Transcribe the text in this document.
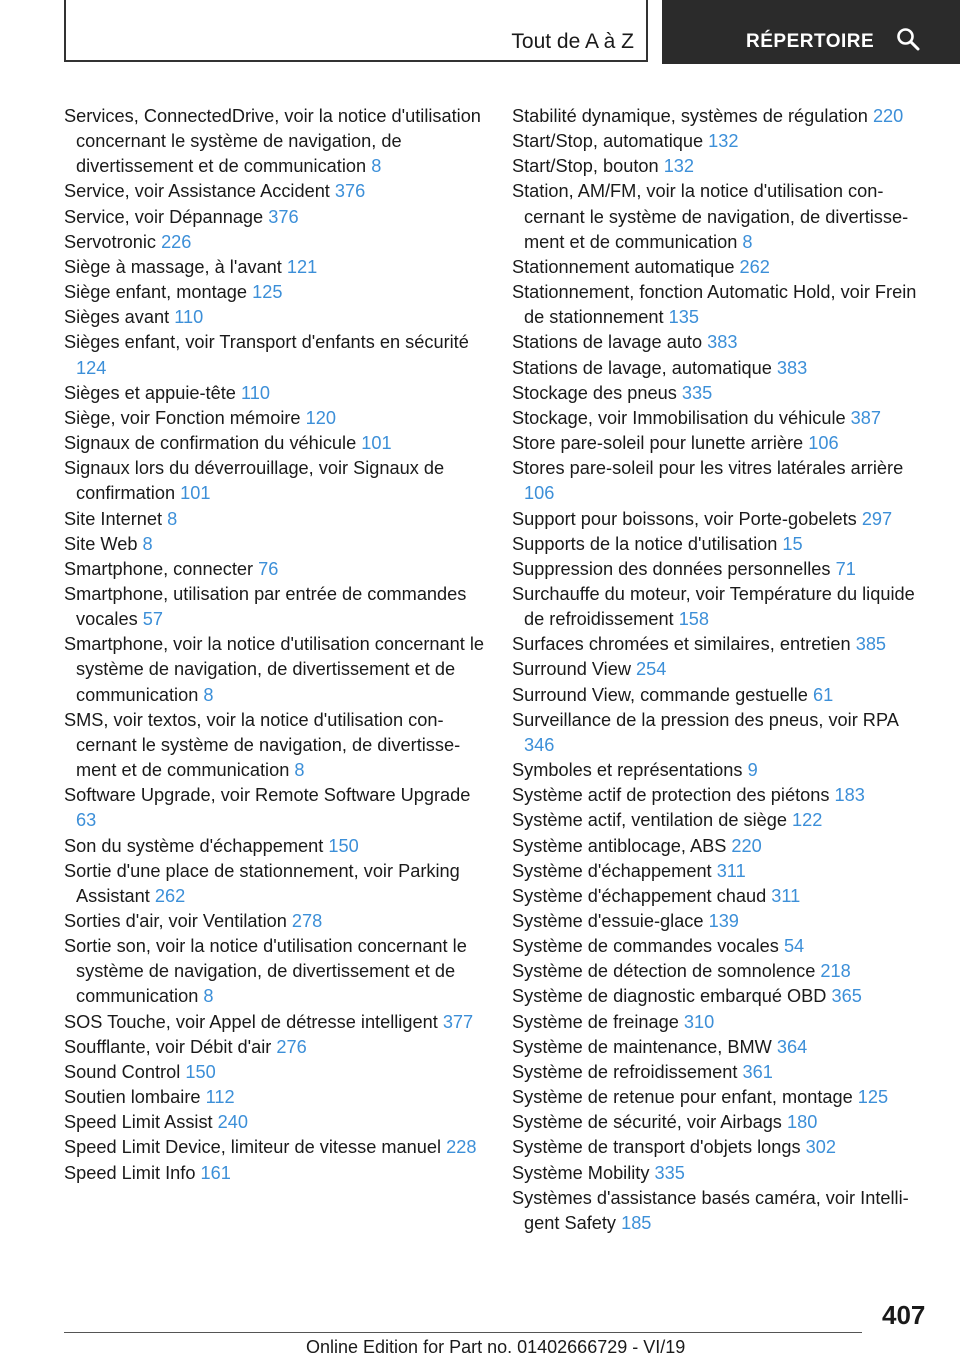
Tout de A à Z	RÉPERTOIRE
Services, ConnectedDrive, voir la notice d'utilisation concernant le système de navigation, de divertissement et de communication 8
Service, voir Assistance Accident 376
Service, voir Dépannage 376
Servotronic 226
Siège à massage, à l'avant 121
Siège enfant, montage 125
Sièges avant 110
Sièges enfant, voir Transport d'enfants en sécurité 124
Sièges et appuie-tête 110
Siège, voir Fonction mémoire 120
Signaux de confirmation du véhicule 101
Signaux lors du déverrouillage, voir Signaux de confirmation 101
Site Internet 8
Site Web 8
Smartphone, connecter 76
Smartphone, utilisation par entrée de commandes vocales 57
Smartphone, voir la notice d'utilisation concernant le système de navigation, de divertissement et de communication 8
SMS, voir textos, voir la notice d'utilisation concernant le système de navigation, de divertissement et de communication 8
Software Upgrade, voir Remote Software Upgrade 63
Son du système d'échappement 150
Sortie d'une place de stationnement, voir Parking Assistant 262
Sorties d'air, voir Ventilation 278
Sortie son, voir la notice d'utilisation concernant le système de navigation, de divertissement et de communication 8
SOS Touche, voir Appel de détresse intelligent 377
Soufflante, voir Débit d'air 276
Sound Control 150
Soutien lombaire 112
Speed Limit Assist 240
Speed Limit Device, limiteur de vitesse manuel 228
Speed Limit Info 161
Stabilité dynamique, systèmes de régulation 220
Start/Stop, automatique 132
Start/Stop, bouton 132
Station, AM/FM, voir la notice d'utilisation concernant le système de navigation, de divertissement et de communication 8
Stationnement automatique 262
Stationnement, fonction Automatic Hold, voir Frein de stationnement 135
Stations de lavage auto 383
Stations de lavage, automatique 383
Stockage des pneus 335
Stockage, voir Immobilisation du véhicule 387
Store pare-soleil pour lunette arrière 106
Stores pare-soleil pour les vitres latérales arrière 106
Support pour boissons, voir Porte-gobelets 297
Supports de la notice d'utilisation 15
Suppression des données personnelles 71
Surchauffe du moteur, voir Température du liquide de refroidissement 158
Surfaces chromées et similaires, entretien 385
Surround View 254
Surround View, commande gestuelle 61
Surveillance de la pression des pneus, voir RPA 346
Symboles et représentations 9
Système actif de protection des piétons 183
Système actif, ventilation de siège 122
Système antiblocage, ABS 220
Système d'échappement 311
Système d'échappement chaud 311
Système d'essuie-glace 139
Système de commandes vocales 54
Système de détection de somnolence 218
Système de diagnostic embarqué OBD 365
Système de freinage 310
Système de maintenance, BMW 364
Système de refroidissement 361
Système de retenue pour enfant, montage 125
Système de sécurité, voir Airbags 180
Système de transport d'objets longs 302
Système Mobility 335
Systèmes d'assistance basés caméra, voir Intelligent Safety 185
407
Online Edition for Part no. 01402666729 - VI/19
